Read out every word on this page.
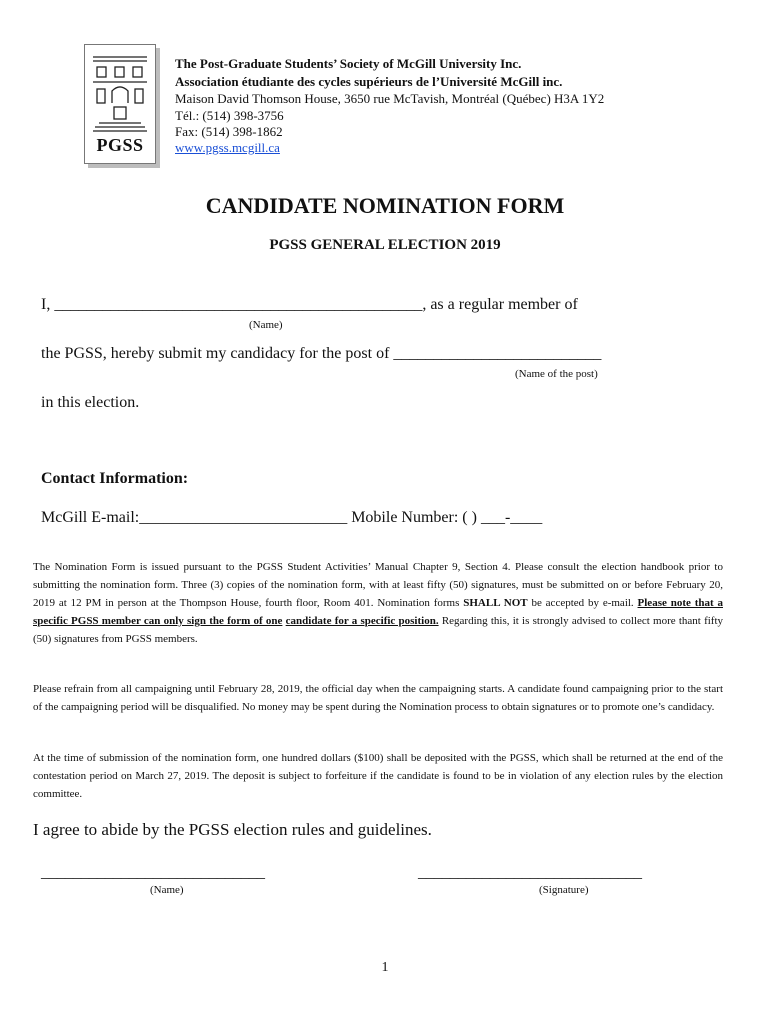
PGSS
The Post-Graduate Students’ Society of McGill University Inc.
Association étudiante des cycles supérieurs de l’Université McGill inc.
Maison David Thomson House, 3650 rue McTavish, Montréal (Québec) H3A 1Y2
Tél.: (514) 398-3756
Fax: (514) 398-1862
www.pgss.mcgill.ca
CANDIDATE NOMINATION FORM
PGSS GENERAL ELECTION 2019
I, ______________________________________________, as a regular member of
(Name)
the PGSS, hereby submit my candidacy for the post of __________________________
(Name of the post)
in this election.
Contact Information:
McGill E-mail:__________________________ Mobile Number: ( ) ___-____
The Nomination Form is issued pursuant to the PGSS Student Activities’ Manual Chapter 9, Section 4. Please consult the election handbook prior to submitting the nomination form. Three (3) copies of the nomination form, with at least fifty (50) signatures, must be submitted on or before February 20, 2019 at 12 PM in person at the Thompson House, fourth floor, Room 401. Nomination forms SHALL NOT be accepted by e-mail. Please note that a specific PGSS member can only sign the form of one candidate for a specific position. Regarding this, it is strongly advised to collect more thant fifty (50) signatures from PGSS members.
Please refrain from all campaigning until February 28, 2019, the official day when the campaigning starts. A candidate found campaigning prior to the start of the campaigning period will be disqualified. No money may be spent during the Nomination process to obtain signatures or to promote one’s candidacy.
At the time of submission of the nomination form, one hundred dollars ($100) shall be deposited with the PGSS, which shall be returned at the end of the contestation period on March 27, 2019. The deposit is subject to forfeiture if the candidate is found to be in violation of any election rules by the election committee.
I agree to abide by the PGSS election rules and guidelines.
____________________________
(Name)
____________________________
(Signature)
1
